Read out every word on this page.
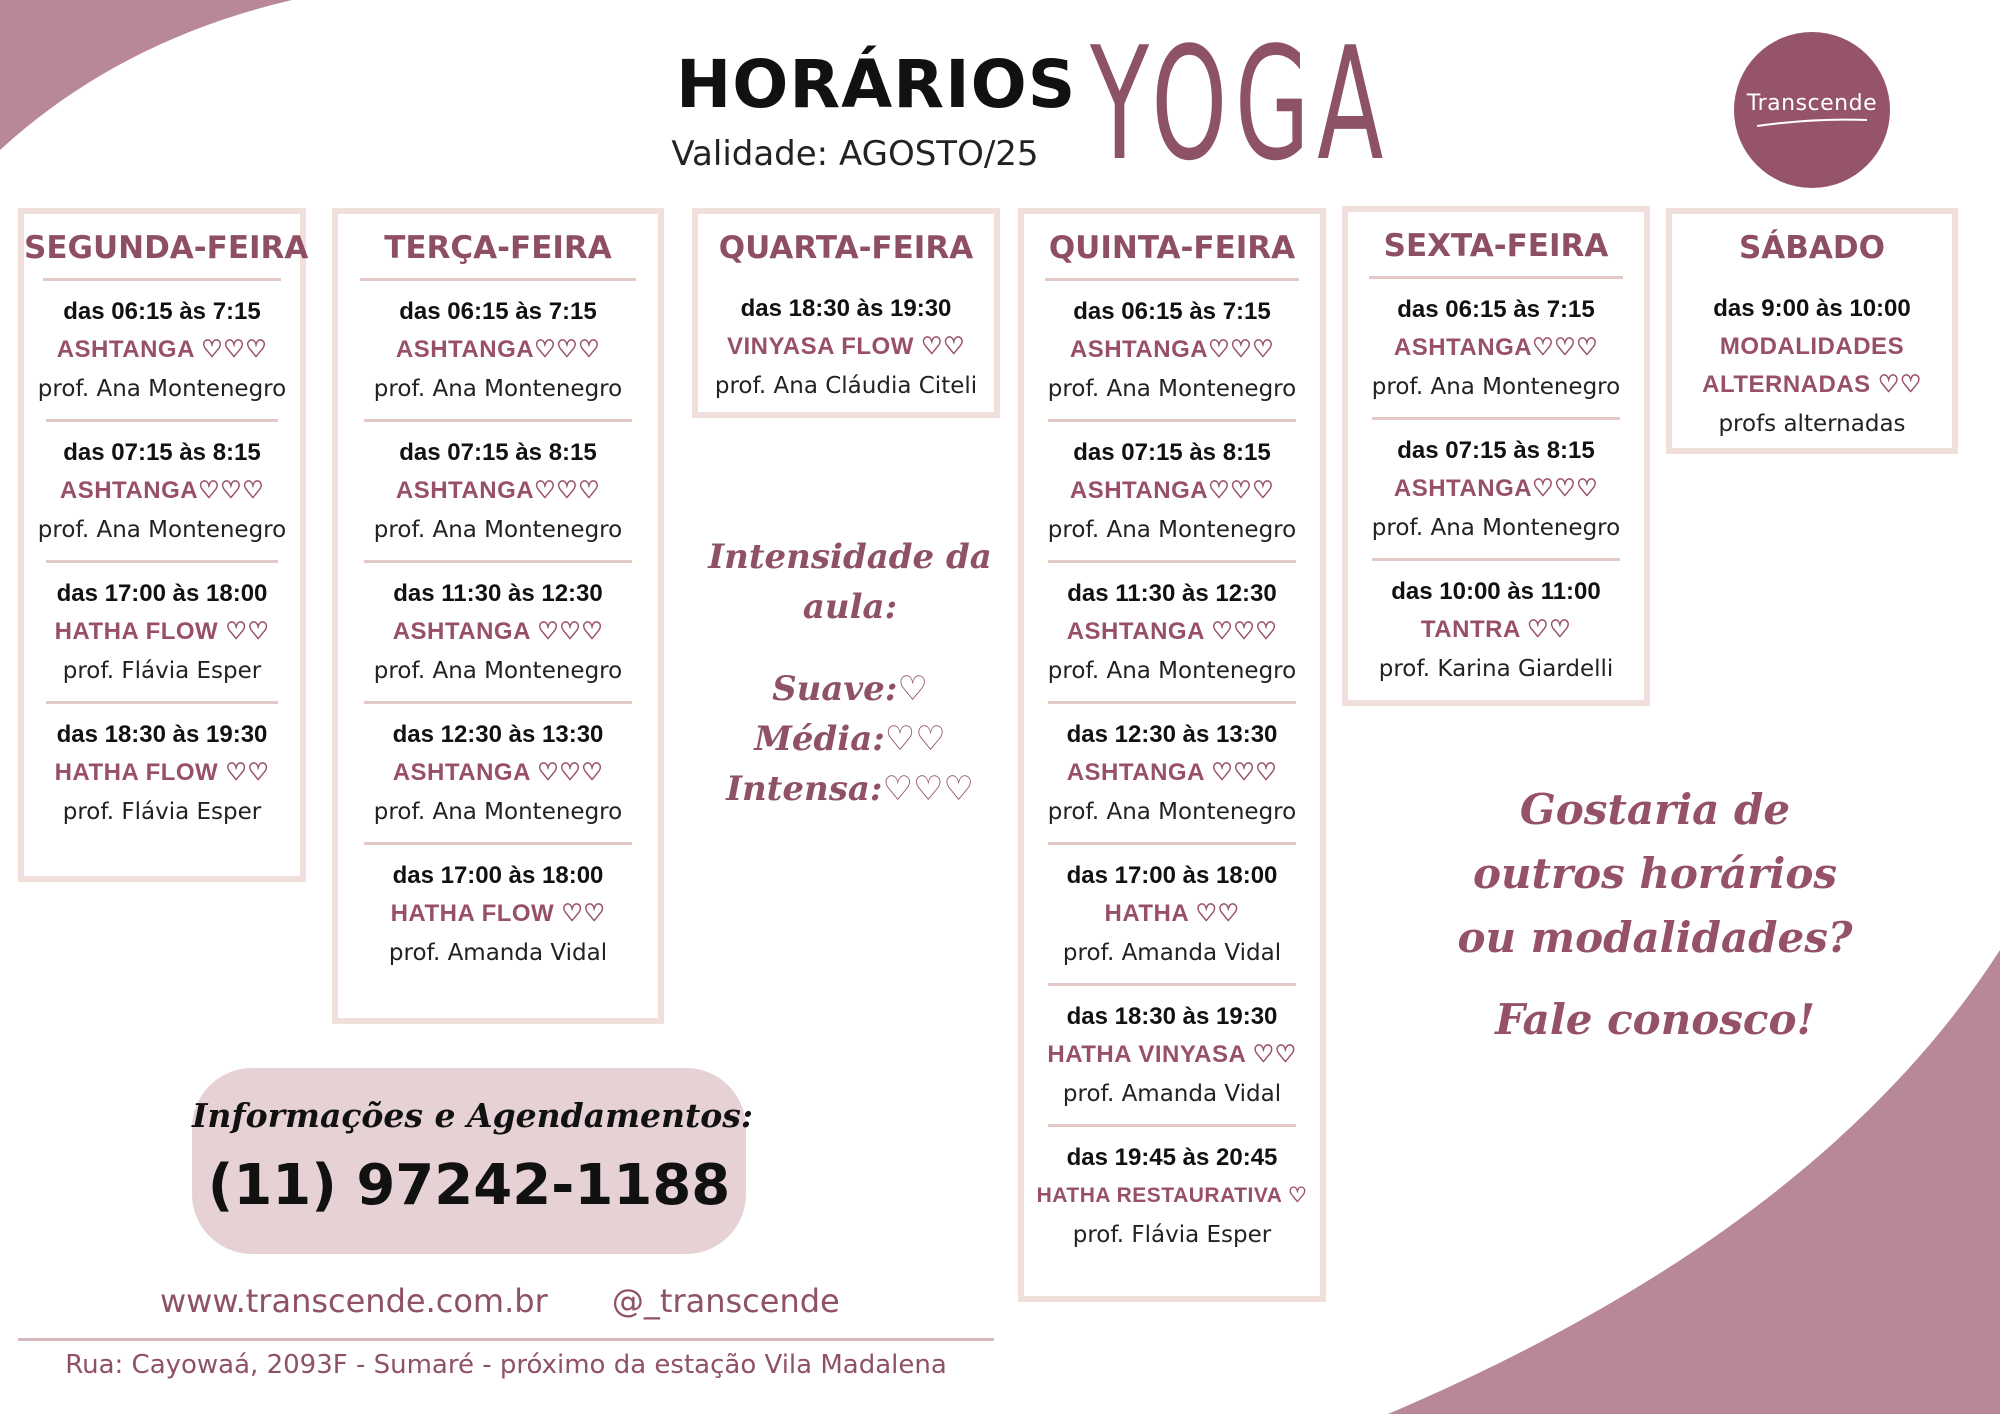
HORÁRIOS
Validade: AGOSTO/25 YOGA	Transcende
SEGUNDA-FEIRA
das 06:15 às 7:15
ASHTANGA ♡♡♡
prof. Ana Montenegro
das 07:15 às 8:15
ASHTANGA♡♡♡
prof. Ana Montenegro
das 17:00 às 18:00
HATHA FLOW ♡♡
prof. Flávia Esper
das 18:30 às 19:30
HATHA FLOW ♡♡
prof. Flávia Esper
TERÇA-FEIRA
das 06:15 às 7:15
ASHTANGA♡♡♡
prof. Ana Montenegro
das 07:15 às 8:15
ASHTANGA♡♡♡
prof. Ana Montenegro
das 11:30 às 12:30
ASHTANGA ♡♡♡
prof. Ana Montenegro
das 12:30 às 13:30
ASHTANGA ♡♡♡
prof. Ana Montenegro
das 17:00 às 18:00
HATHA FLOW ♡♡
prof. Amanda Vidal
QUARTA-FEIRA
das 18:30 às 19:30
VINYASA FLOW ♡♡
prof. Ana Cláudia Citeli
QUINTA-FEIRA
das 06:15 às 7:15
ASHTANGA♡♡♡
prof. Ana Montenegro
das 07:15 às 8:15
ASHTANGA♡♡♡
prof. Ana Montenegro
das 11:30 às 12:30
ASHTANGA ♡♡♡
prof. Ana Montenegro
das 12:30 às 13:30
ASHTANGA ♡♡♡
prof. Ana Montenegro
das 17:00 às 18:00
HATHA ♡♡
prof. Amanda Vidal
das 18:30 às 19:30
HATHA VINYASA ♡♡
prof. Amanda Vidal
das 19:45 às 20:45
HATHA RESTAURATIVA ♡
prof. Flávia Esper
SEXTA-FEIRA
das 06:15 às 7:15
ASHTANGA♡♡♡
prof. Ana Montenegro
das 07:15 às 8:15
ASHTANGA♡♡♡
prof. Ana Montenegro
das 10:00 às 11:00
TANTRA ♡♡
prof. Karina Giardelli
SÁBADO
das 9:00 às 10:00
MODALIDADES
ALTERNADAS ♡♡
profs alternadas
Intensidade da
aula:
Suave:♡
Média:♡♡
Intensa:♡♡♡	Gostaria de
outros horários
ou modalidades?
Fale conosco!
Informações e Agendamentos:
(11) 97242-1188
www.transcende.com.br @_transcende
Rua: Cayowaá, 2093F - Sumaré - próximo da estação Vila Madalena
